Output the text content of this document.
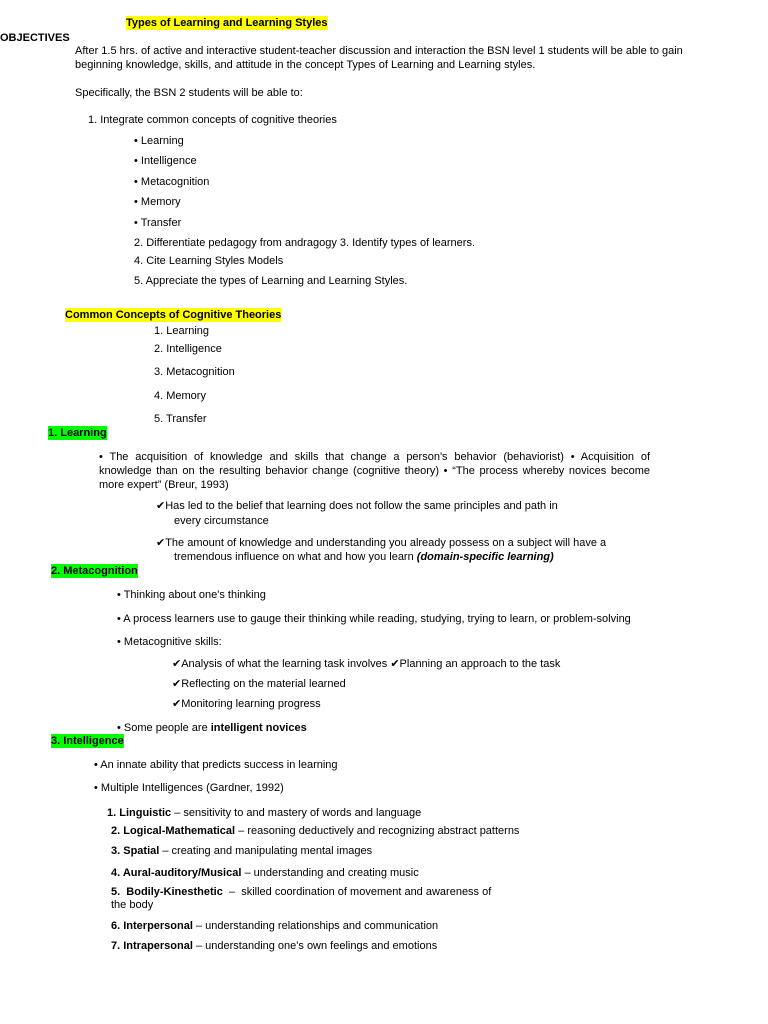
Types of Learning and Learning Styles
OBJECTIVES
After 1.5 hrs. of active and interactive student-teacher discussion and interaction the BSN level 1 students will be able to gain
beginning knowledge, skills, and attitude in the concept Types of Learning and Learning styles.
Specifically, the BSN 2 students will be able to:
1. Integrate common concepts of cognitive theories
• Learning
• Intelligence
• Metacognition
• Memory
• Transfer
2. Differentiate pedagogy from andragogy 3. Identify types of learners.
4. Cite Learning Styles Models
5. Appreciate the types of Learning and Learning Styles.
Common Concepts of Cognitive Theories
1. Learning
2. Intelligence
3. Metacognition
4. Memory
5. Transfer
1. Learning
• The acquisition of knowledge and skills that change a person's behavior (behaviorist) • Acquisition of
knowledge than on the resulting behavior change (cognitive theory) • “The process whereby novices become
more expert” (Breur, 1993)
✔Has led to the belief that learning does not follow the same principles and path in
every circumstance
✔The amount of knowledge and understanding you already possess on a subject will have a
tremendous influence on what and how you learn (domain-specific learning)
2. Metacognition
• Thinking about one's thinking
• A process learners use to gauge their thinking while reading, studying, trying to learn, or problem-solving
• Metacognitive skills:
✔Analysis of what the learning task involves ✔Planning an approach to the task
✔Reflecting on the material learned
✔Monitoring learning progress
• Some people are intelligent novices
3. Intelligence
• An innate ability that predicts success in learning
• Multiple Intelligences (Gardner, 1992)
1. Linguistic – sensitivity to and mastery of words and language
2. Logical-Mathematical – reasoning deductively and recognizing abstract patterns
3. Spatial – creating and manipulating mental images
4. Aural-auditory/Musical – understanding and creating music
5.  Bodily-Kinesthetic  –  skilled coordination of movement and awareness of
the body
6. Interpersonal – understanding relationships and communication
7. Intrapersonal – understanding one's own feelings and emotions
